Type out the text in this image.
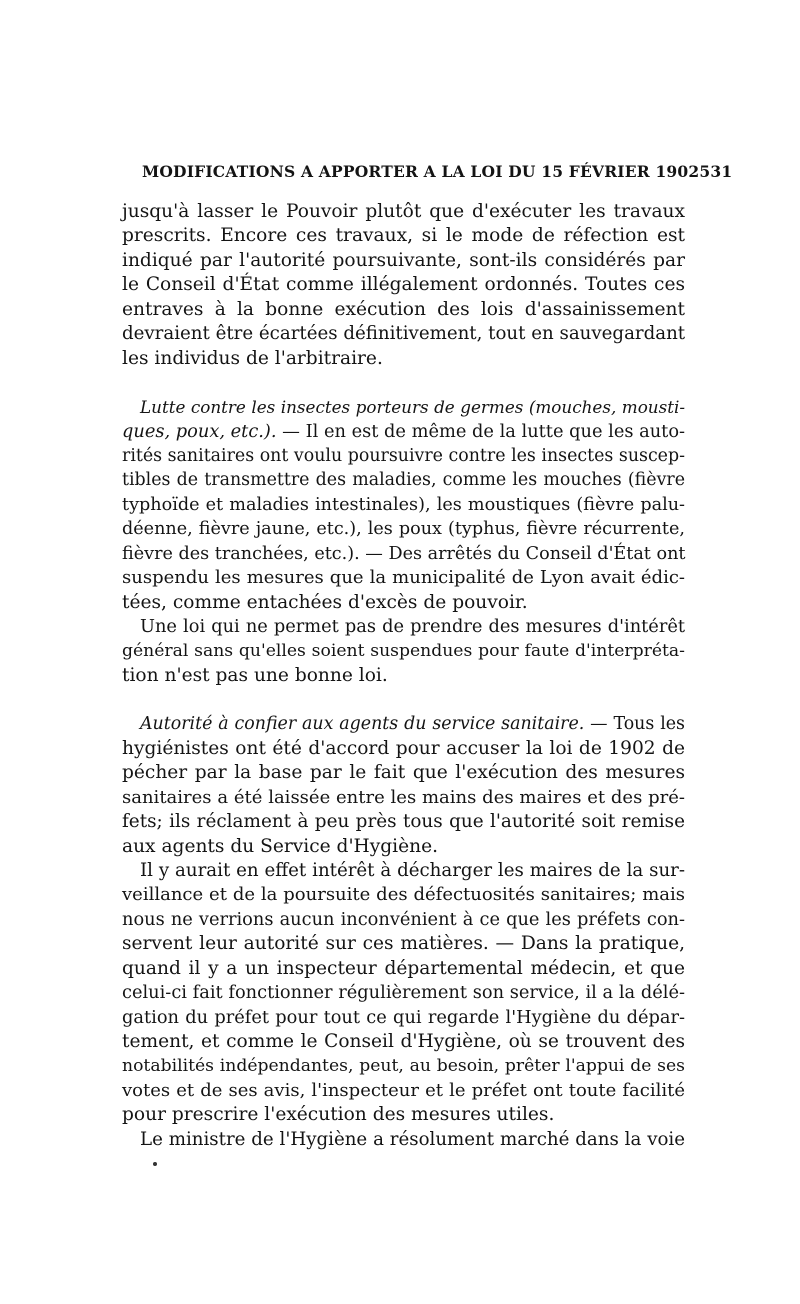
MODIFICATIONS A APPORTER A LA LOI DU 15 FÉVRIER 1902 531
jusqu'à lasser le Pouvoir plutôt que d'exécuter les travaux
prescrits. Encore ces travaux, si le mode de réfection est
indiqué par l'autorité poursuivante, sont-ils considérés par
le Conseil d'État comme illégalement ordonnés. Toutes ces
entraves à la bonne exécution des lois d'assainissement
devraient être écartées définitivement, tout en sauvegardant
les individus de l'arbitraire.
Lutte contre les insectes porteurs de germes (mouches, mousti-
ques, poux, etc.). — Il en est de même de la lutte que les auto-
rités sanitaires ont voulu poursuivre contre les insectes suscep-
tibles de transmettre des maladies, comme les mouches (fièvre
typhoïde et maladies intestinales), les moustiques (fièvre palu-
déenne, fièvre jaune, etc.), les poux (typhus, fièvre récurrente,
fièvre des tranchées, etc.). — Des arrêtés du Conseil d'État ont
suspendu les mesures que la municipalité de Lyon avait édic-
tées, comme entachées d'excès de pouvoir.
Une loi qui ne permet pas de prendre des mesures d'intérêt
général sans qu'elles soient suspendues pour faute d'interpréta-
tion n'est pas une bonne loi.
Autorité à confier aux agents du service sanitaire. — Tous les
hygiénistes ont été d'accord pour accuser la loi de 1902 de
pécher par la base par le fait que l'exécution des mesures
sanitaires a été laissée entre les mains des maires et des pré-
fets; ils réclament à peu près tous que l'autorité soit remise
aux agents du Service d'Hygiène.
Il y aurait en effet intérêt à décharger les maires de la sur-
veillance et de la poursuite des défectuosités sanitaires; mais
nous ne verrions aucun inconvénient à ce que les préfets con-
servent leur autorité sur ces matières. — Dans la pratique,
quand il y a un inspecteur départemental médecin, et que
celui-ci fait fonctionner régulièrement son service, il a la délé-
gation du préfet pour tout ce qui regarde l'Hygiène du dépar-
tement, et comme le Conseil d'Hygiène, où se trouvent des
notabilités indépendantes, peut, au besoin, prêter l'appui de ses
votes et de ses avis, l'inspecteur et le préfet ont toute facilité
pour prescrire l'exécution des mesures utiles.
Le ministre de l'Hygiène a résolument marché dans la voie
